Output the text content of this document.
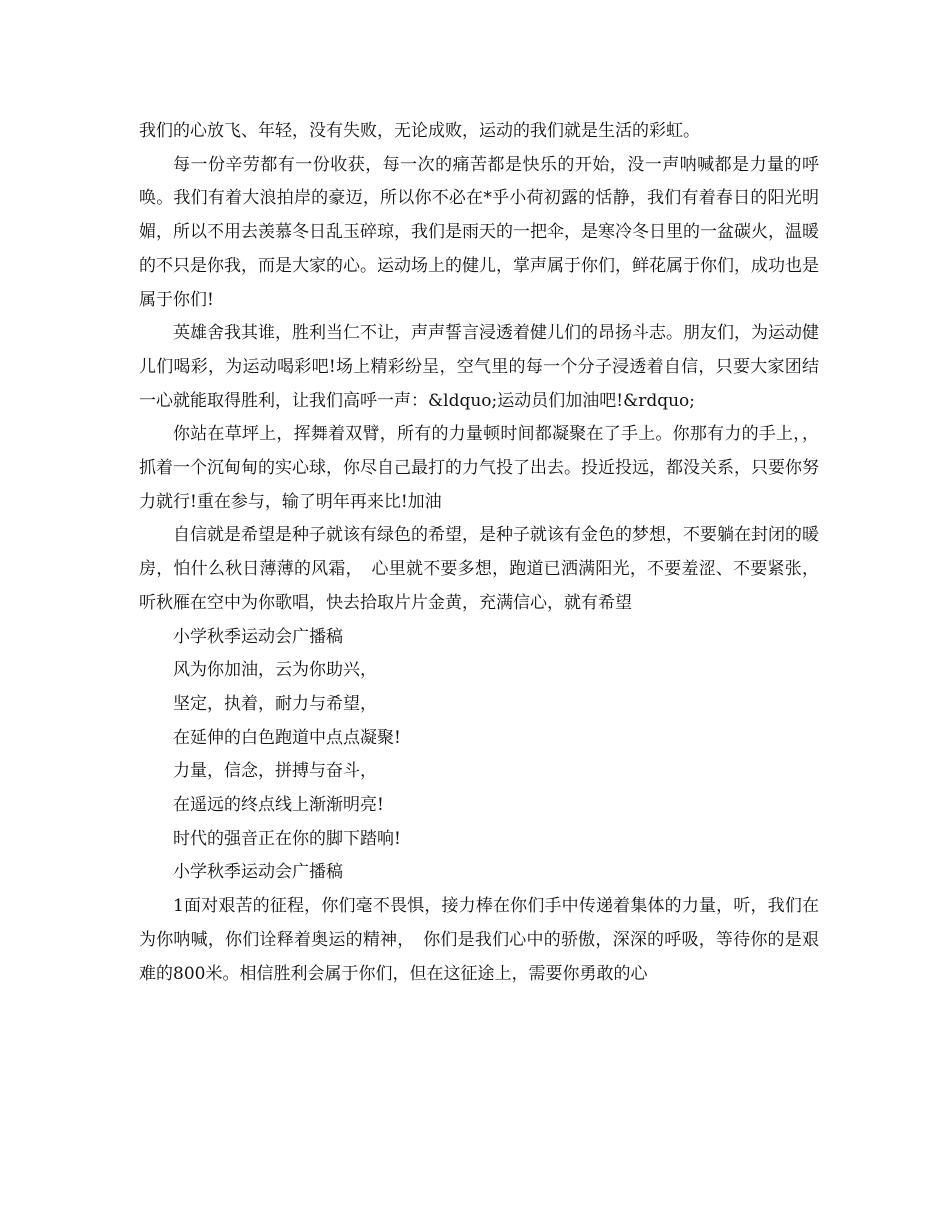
我们的心放飞、年轻，没有失败，无论成败，运动的我们就是生活的彩虹。

每一份辛劳都有一份收获，每一次的痛苦都是快乐的开始，没一声呐喊都是力量的呼唤。我们有着大浪拍岸的豪迈，所以你不必在*乎小荷初露的恬静，我们有着春日的阳光明媚，所以不用去羡慕冬日乱玉碎琼，我们是雨天的一把伞，是寒冷冬日里的一盆碳火，温暖的不只是你我，而是大家的心。运动场上的健儿，掌声属于你们，鲜花属于你们，成功也是属于你们!

英雄舍我其谁，胜利当仁不让，声声誓言浸透着健儿们的昂扬斗志。朋友们，为运动健儿们喝彩，为运动喝彩吧!场上精彩纷呈，空气里的每一个分子浸透着自信，只要大家团结一心就能取得胜利，让我们高呼一声：&ldquo;运动员们加油吧!&rdquo;

你站在草坪上，挥舞着双臂，所有的力量顿时间都凝聚在了手上。你那有力的手上，，抓着一个沉甸甸的实心球，你尽自己最打的力气投了出去。投近投远，都没关系，只要你努力就行!重在参与，输了明年再来比!加油

自信就是希望是种子就该有绿色的希望，是种子就该有金色的梦想，不要躺在封闭的暖房，怕什么秋日薄薄的风霜，　心里就不要多想，跑道已洒满阳光，不要羞涩、不要紧张，听秋雁在空中为你歌唱，快去拾取片片金黄，充满信心，就有希望

小学秋季运动会广播稿

风为你加油，云为你助兴，

坚定，执着，耐力与希望，

在延伸的白色跑道中点点凝聚!

力量，信念，拼搏与奋斗，

在遥远的终点线上渐渐明亮!

时代的强音正在你的脚下踏响!

小学秋季运动会广播稿

1面对艰苦的征程，你们毫不畏惧，接力棒在你们手中传递着集体的力量，听，我们在为你呐喊，你们诠释着奥运的精神，　你们是我们心中的骄傲，深深的呼吸，等待你的是艰难的800米。相信胜利会属于你们，但在这征途上，需要你勇敢的心
